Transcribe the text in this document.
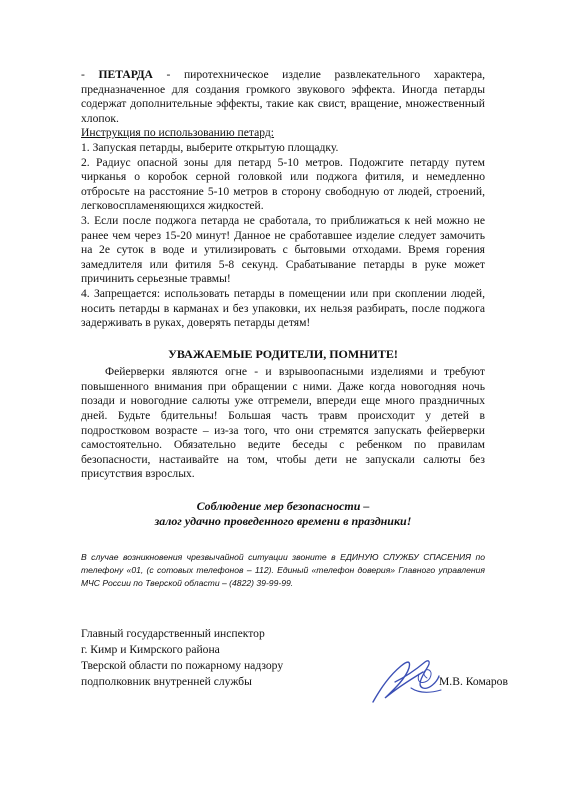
- ПЕТАРДА - пиротехническое изделие развлекательного характера, предназначенное для создания громкого звукового эффекта. Иногда петарды содержат дополнительные эффекты, такие как свист, вращение, множественный хлопок.

Инструкция по использованию петард:

1. Запуская петарды, выберите открытую площадку.

2. Радиус опасной зоны для петард 5-10 метров. Подожгите петарду путем чирканья о коробок серной головкой или поджога фитиля, и немедленно отбросьте на расстояние 5-10 метров в сторону свободную от людей, строений, легковоспламеняющихся жидкостей.

3. Если после поджога петарда не сработала, то приближаться к ней можно не ранее чем через 15-20 минут! Данное не сработавшее изделие следует замочить на 2е суток в воде и утилизировать с бытовыми отходами. Время горения замедлителя или фитиля 5-8 секунд. Срабатывание петарды в руке может причинить серьезные травмы!

4. Запрещается: использовать петарды в помещении или при скоплении людей, носить петарды в карманах и без упаковки, их нельзя разбирать, после поджога задерживать в руках, доверять петарды детям!

УВАЖАЕМЫЕ РОДИТЕЛИ, ПОМНИТЕ!

Фейерверки являются огне - и взрывоопасными изделиями и требуют повышенного внимания при обращении с ними. Даже когда новогодняя ночь позади и новогодние салюты уже отгремели, впереди еще много праздничных дней. Будьте бдительны! Большая часть травм происходит у детей в подростковом возрасте – из-за того, что они стремятся запускать фейерверки самостоятельно. Обязательно ведите беседы с ребенком по правилам безопасности, настаивайте на том, чтобы дети не запускали салюты без присутствия взрослых.

Соблюдение мер безопасности –
залог удачно проведенного времени в праздники!

В случае возникновения чрезвычайной ситуации звоните в ЕДИНУЮ СЛУЖБУ СПАСЕНИЯ по телефону «01, (с сотовых телефонов – 112). Единый «телефон доверия» Главного управления МЧС России по Тверской области – (4822) 39-99-99.

Главный государственный инспектор
г. Кимр и Кимрского района
Тверской области по пожарному надзору
подполковник внутренней службы	М.В. Комаров
